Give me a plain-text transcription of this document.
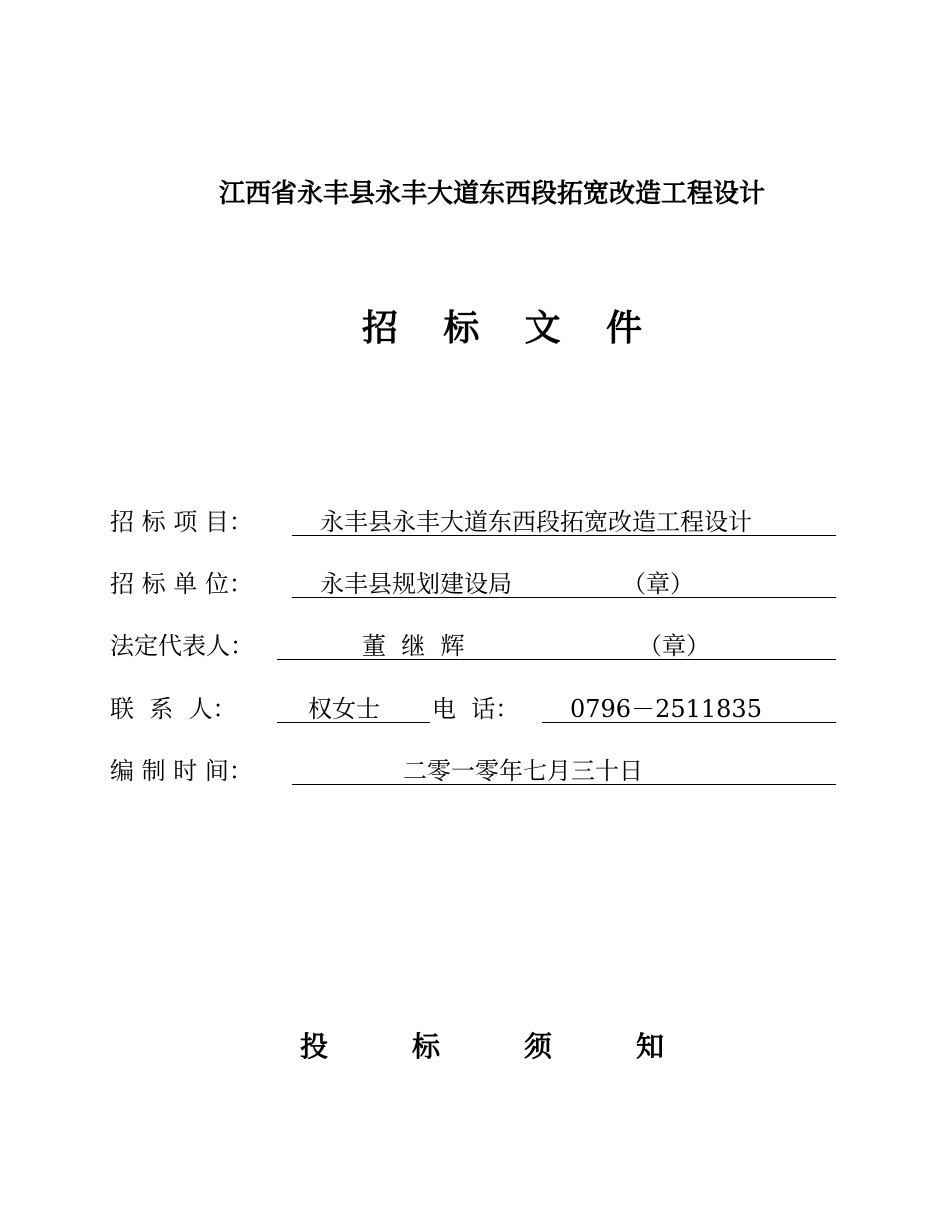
江西省永丰县永丰大道东西段拓宽改造工程设计
招 标 文 件
招 标 项 目：	永丰县永丰大道东西段拓宽改造工程设计
招 标 单 位：	永丰县规划建设局	（章）
法定代表人：	董  继  辉	（章）
联  系  人：	权女士 电  话： 0796－2511835
编 制 时 间：	二零一零年七月三十日
投	标	须	知
